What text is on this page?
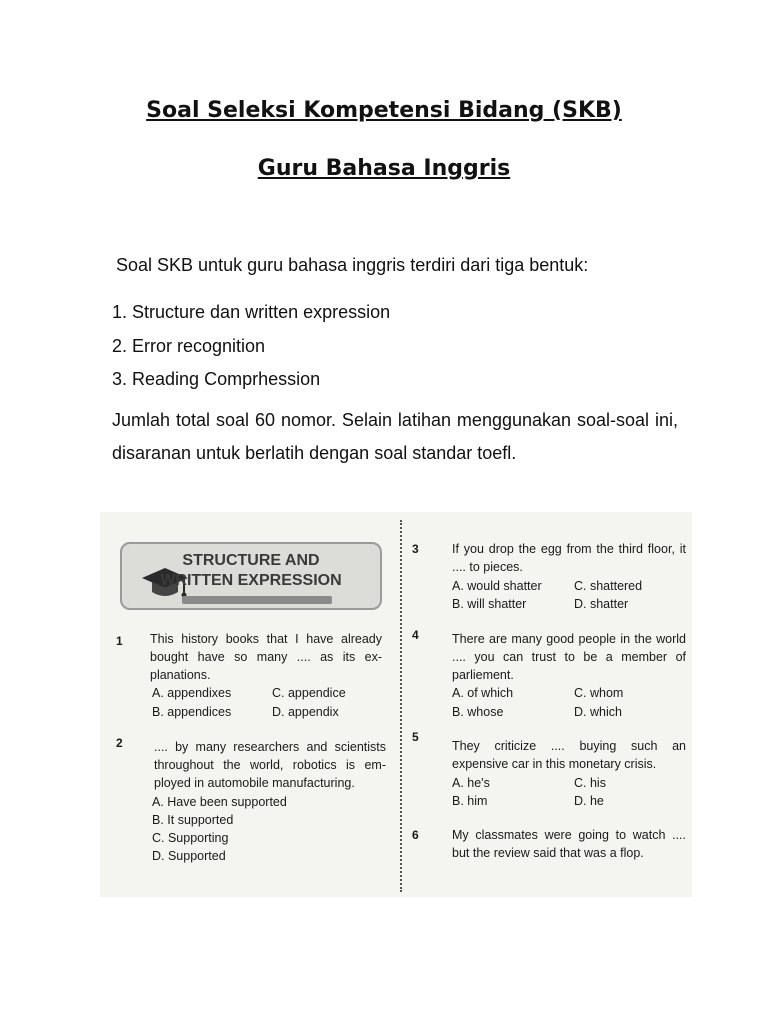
Soal Seleksi Kompetensi Bidang (SKB)
Guru Bahasa Inggris

Soal SKB untuk guru bahasa inggris terdiri dari tiga bentuk:

1. Structure dan written expression
2. Error recognition
3. Reading Comprhession

Jumlah total soal 60 nomor. Selain latihan menggunakan soal-soal ini, disaranan untuk berlatih dengan soal standar toefl.

STRUCTURE AND

WRITTEN EXPRESSION

1 This history books that I have already bought have so many .... as its ex-planations.

A. appendixes	C. appendice

B. appendices	D. appendix

2	.... by many researchers and scientists throughout the world, robotics is em-ployed in automobile manufacturing.

A. Have been supported

B. It supported

C. Supporting

D. Supported

3	If you drop the egg from the third floor, it .... to pieces.

A. would shatter	C. shattered

B. will shatter	D. shatter

4	There are many good people in the world .... you can trust to be a member of parliement.

A. of which	C. whom

B. whose	D. which

5

They criticize .... buying such an expensive car in this monetary crisis.

A. he's	C. his

B. him	D. he

6	My classmates were going to watch .... but the review said that was a flop.
